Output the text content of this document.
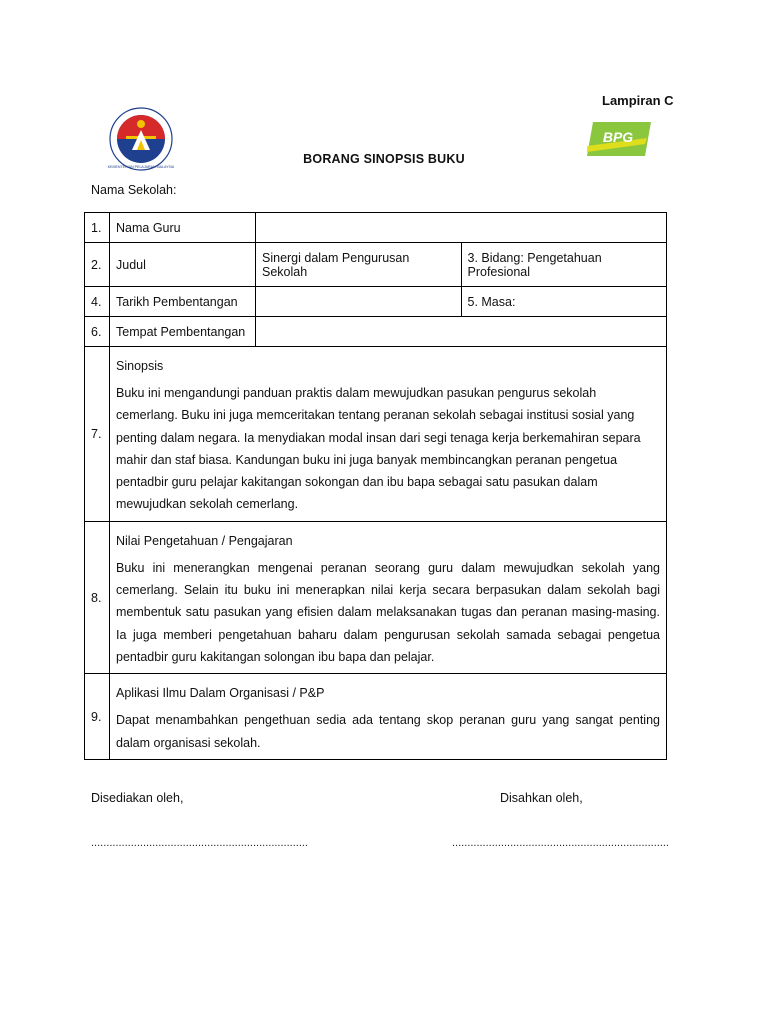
KEMENTERIAN PELAJARAN MALAYSIA
BPG
Lampiran C
BORANG SINOPSIS BUKU
Nama Sekolah:
1.	Nama Guru		
2.	Judul	Sinergi dalam Pengurusan Sekolah	3. Bidang: Pengetahuan Profesional
4.	Tarikh Pembentangan		5. Masa:
6.	Tempat Pembentangan		
7.	Sinopsis
Buku ini mengandungi panduan praktis dalam mewujudkan pasukan pengurus sekolah cemerlang. Buku ini juga memceritakan tentang peranan sekolah sebagai institusi sosial yang penting dalam negara. Ia menydiakan modal insan dari segi tenaga kerja berkemahiran separa mahir dan staf biasa. Kandungan buku ini juga banyak membincangkan peranan pengetua pentadbir guru pelajar kakitangan sokongan dan ibu bapa sebagai satu pasukan dalam mewujudkan sekolah cemerlang.		

8.	Nilai Pengetahuan / Pengajaran
Buku ini menerangkan mengenai peranan seorang guru dalam mewujudkan sekolah yang cemerlang. Selain itu buku ini menerapkan nilai kerja secara berpasukan dalam sekolah bagi membentuk satu pasukan yang efisien dalam melaksanakan tugas dan peranan masing-masing. Ia juga memberi pengetahuan baharu dalam pengurusan sekolah samada sebagai pengetua pentadbir guru kakitangan solongan ibu bapa dan pelajar.		

9.	Aplikasi Ilmu Dalam Organisasi / P&P
Dapat menambahkan pengethuan sedia ada tentang skop peranan guru yang sangat penting dalam organisasi sekolah.		
Disediakan oleh,	Disahkan oleh,
.......................................................................	.......................................................................
